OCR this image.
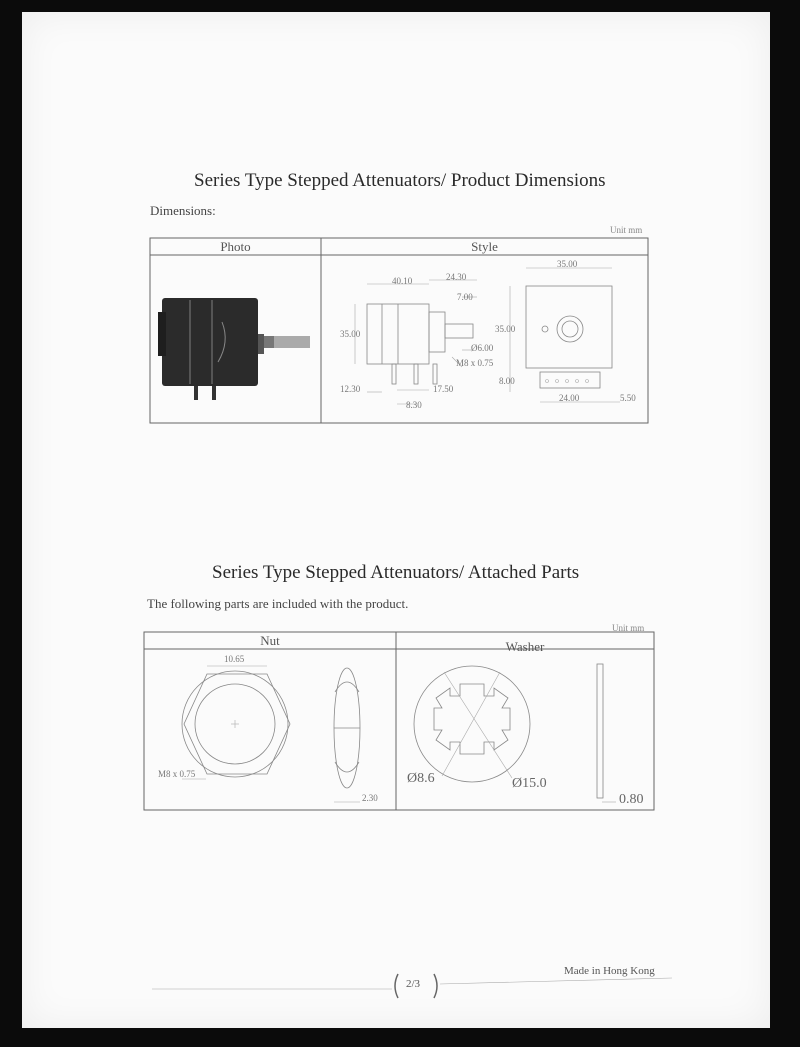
Series Type Stepped Attenuators/ Product Dimensions
Dimensions:
Unit mm
40.10	24.30
7.00
35.00
Ø6.00
M8 x 0.75
12.30	17.50
8.30
35.00
35.00
8.00
24.00	5.50
10.65
M8 x 0.75
2.30
Ø8.6	Ø15.0
0.80
Photo	Style
Series Type Stepped Attenuators/ Attached Parts
The following parts are included with the product.
Unit mm
Nut	Washer
2/3
Made in Hong Kong
